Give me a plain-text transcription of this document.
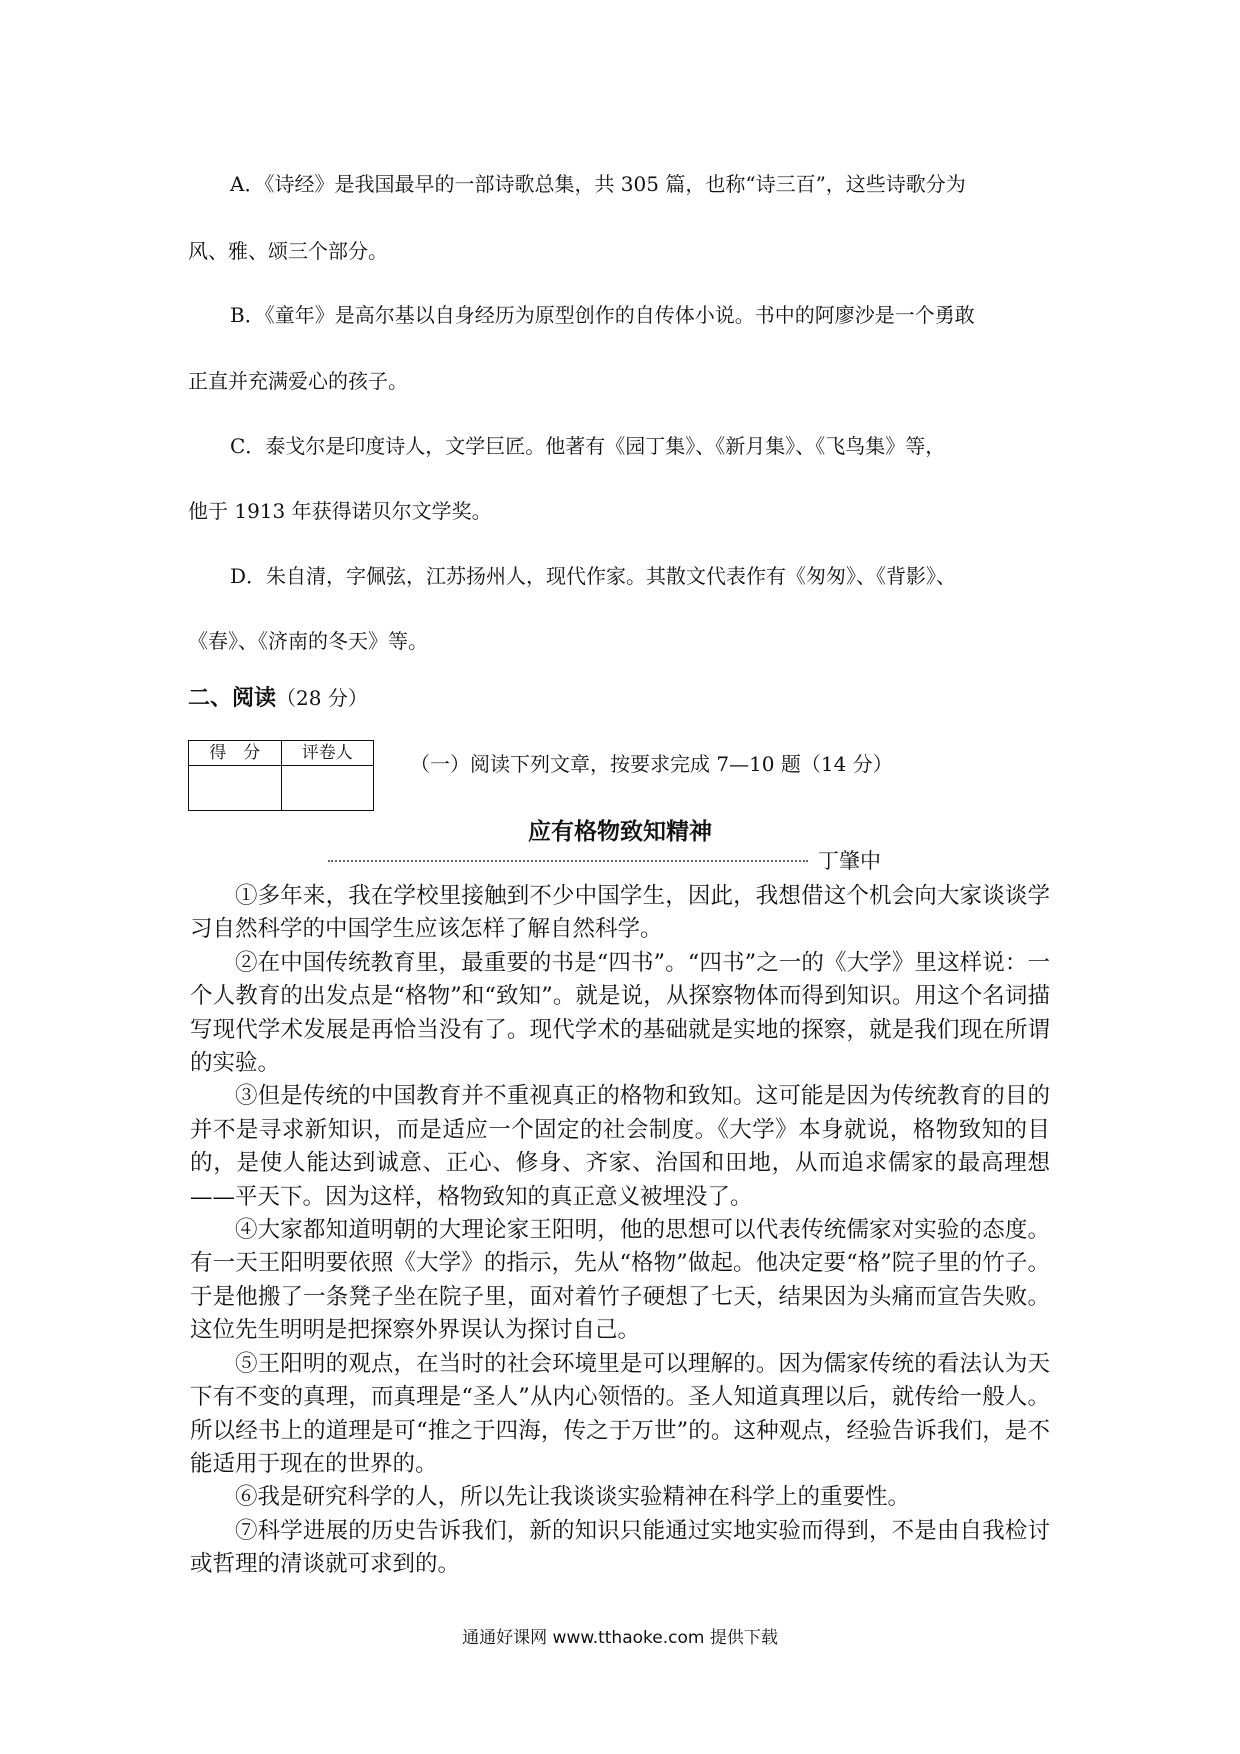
A．《诗经》是我国最早的一部诗歌总集，共 305 篇，也称“诗三百”，这些诗歌分为
风、雅、颂三个部分。
B．《童年》是高尔基以自身经历为原型创作的自传体小说。书中的阿廖沙是一个勇敢
正直并充满爱心的孩子。
C．泰戈尔是印度诗人，文学巨匠。他著有《园丁集》、《新月集》、《飞鸟集》等，
他于 1913 年获得诺贝尔文学奖。
D．朱自清，字佩弦，江苏扬州人，现代作家。其散文代表作有《匆匆》、《背影》、
《春》、《济南的冬天》等。
二、阅读（28 分）
得　分	评卷人
		（一）阅读下列文章，按要求完成 7—10 题（14 分）
应有格物致知精神
丁肇中

①多年来，我在学校里接触到不少中国学生，因此，我想借这个机会向大家谈谈学习自然科学的中国学生应该怎样了解自然科学。

②在中国传统教育里，最重要的书是“四书”。“四书”之一的《大学》里这样说：一个人教育的出发点是“格物”和“致知”。就是说，从探察物体而得到知识。用这个名词描写现代学术发展是再恰当没有了。现代学术的基础就是实地的探察，就是我们现在所谓的实验。

③但是传统的中国教育并不重视真正的格物和致知。这可能是因为传统教育的目的并不是寻求新知识，而是适应一个固定的社会制度。《大学》本身就说，格物致知的目的，是使人能达到诚意、正心、修身、齐家、治国和田地，从而追求儒家的最高理想——平天下。因为这样，格物致知的真正意义被埋没了。

④大家都知道明朝的大理论家王阳明，他的思想可以代表传统儒家对实验的态度。有一天王阳明要依照《大学》的指示，先从“格物”做起。他决定要“格”院子里的竹子。于是他搬了一条凳子坐在院子里，面对着竹子硬想了七天，结果因为头痛而宣告失败。这位先生明明是把探察外界误认为探讨自己。

⑤王阳明的观点，在当时的社会环境里是可以理解的。因为儒家传统的看法认为天下有不变的真理，而真理是“圣人”从内心领悟的。圣人知道真理以后，就传给一般人。所以经书上的道理是可“推之于四海，传之于万世”的。这种观点，经验告诉我们，是不能适用于现在的世界的。

⑥我是研究科学的人，所以先让我谈谈实验精神在科学上的重要性。

⑦科学进展的历史告诉我们，新的知识只能通过实地实验而得到，不是由自我检讨或哲理的清谈就可求到的。

通通好课网 www.tthaoke.com 提供下载
